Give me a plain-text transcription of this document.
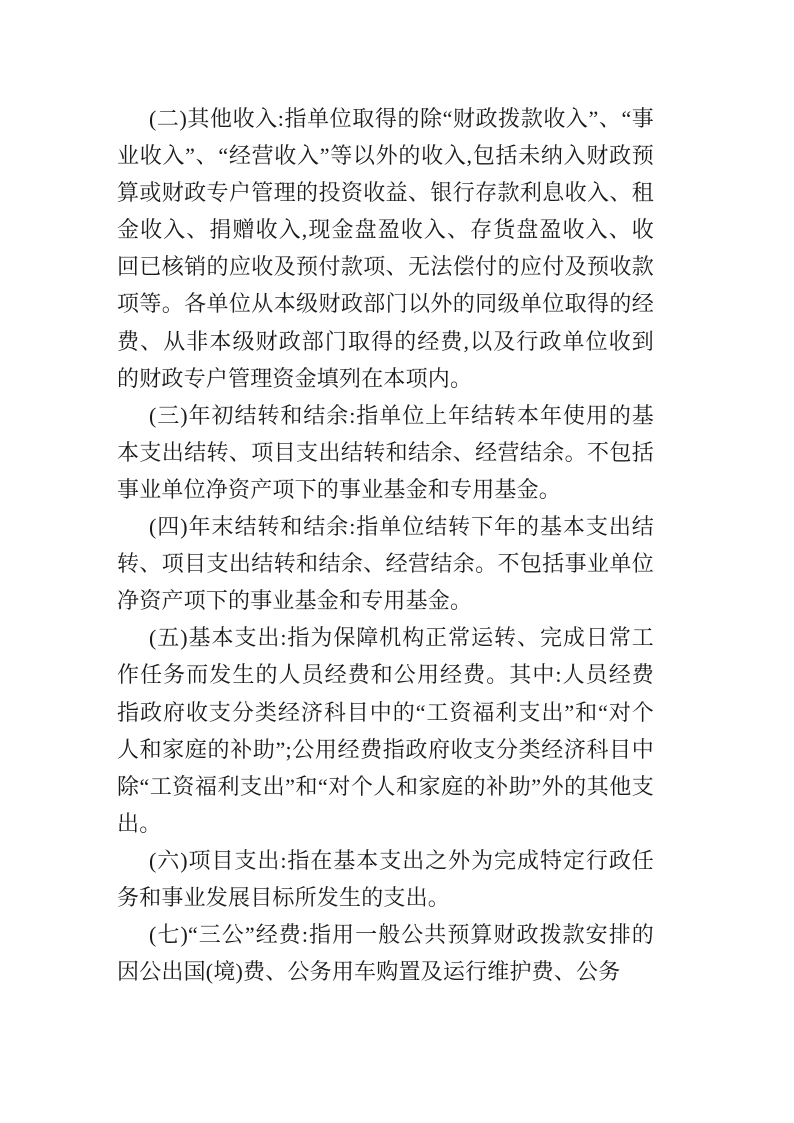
(二)其他收入:指单位取得的除“财政拨款收入”、“事业收入”、“经营收入”等以外的收入,包括未纳入财政预算或财政专户管理的投资收益、银行存款利息收入、租金收入、捐赠收入,现金盘盈收入、存货盘盈收入、收回已核销的应收及预付款项、无法偿付的应付及预收款项等。各单位从本级财政部门以外的同级单位取得的经费、从非本级财政部门取得的经费,以及行政单位收到的财政专户管理资金填列在本项内。

(三)年初结转和结余:指单位上年结转本年使用的基本支出结转、项目支出结转和结余、经营结余。不包括事业单位净资产项下的事业基金和专用基金。

(四)年末结转和结余:指单位结转下年的基本支出结转、项目支出结转和结余、经营结余。不包括事业单位净资产项下的事业基金和专用基金。

(五)基本支出:指为保障机构正常运转、完成日常工作任务而发生的人员经费和公用经费。其中:人员经费指政府收支分类经济科目中的“工资福利支出”和“对个人和家庭的补助”;公用经费指政府收支分类经济科目中除“工资福利支出”和“对个人和家庭的补助”外的其他支出。

(六)项目支出:指在基本支出之外为完成特定行政任务和事业发展目标所发生的支出。

(七)“三公”经费:指用一般公共预算财政拨款安排的因公出国(境)费、公务用车购置及运行维护费、公务
